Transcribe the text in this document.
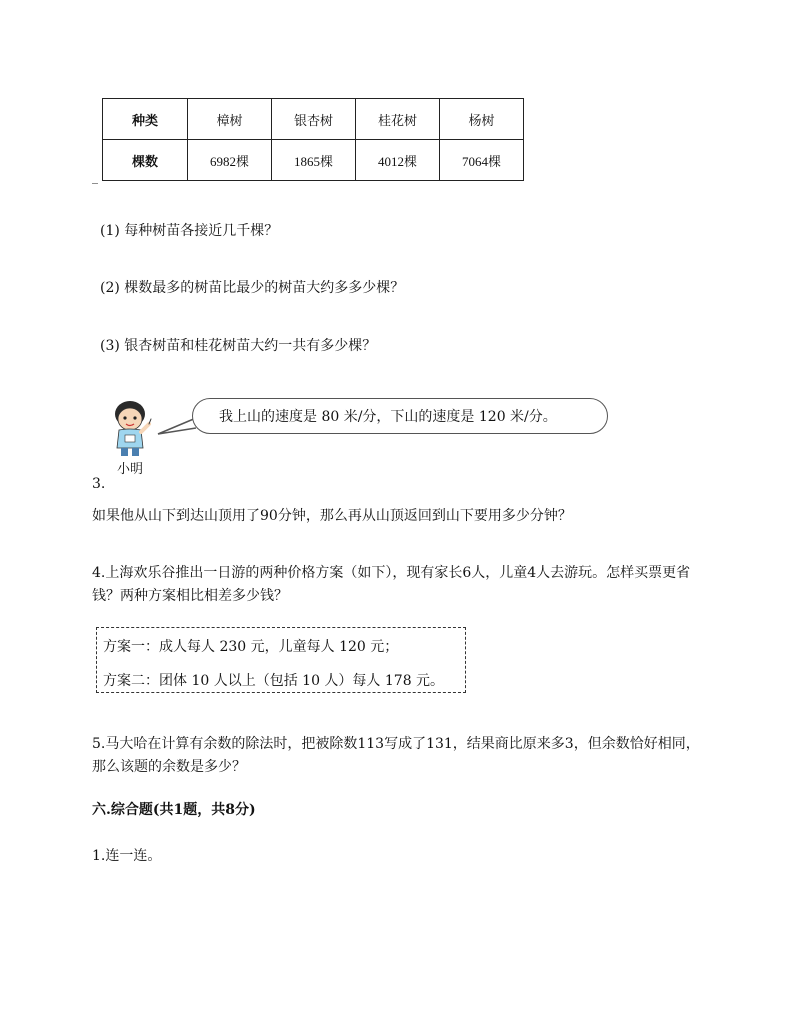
种类	樟树	银杏树	桂花树	杨树
棵数	6982棵	1865棵	4012棵	7064棵
_
(1) 每种树苗各接近几千棵？
(2) 棵数最多的树苗比最少的树苗大约多多少棵？
(3) 银杏树苗和桂花树苗大约一共有多少棵？
我上山的速度是 80 米/分，下山的速度是 120 米/分。
小明
3.
如果他从山下到达山顶用了90分钟，那么再从山顶返回到山下要用多少分钟？
4.上海欢乐谷推出一日游的两种价格方案（如下），现有家长6人，儿童4人去游玩。怎样买票更省钱？两种方案相比相差多少钱？
方案一：成人每人 230 元，儿童每人 120 元；
方案二：团体 10 人以上（包括 10 人）每人 178 元。
5.马大哈在计算有余数的除法时，把被除数113写成了131，结果商比原来多3，但余数恰好相同，那么该题的余数是多少？
六.综合题(共1题，共8分)
1.连一连。
